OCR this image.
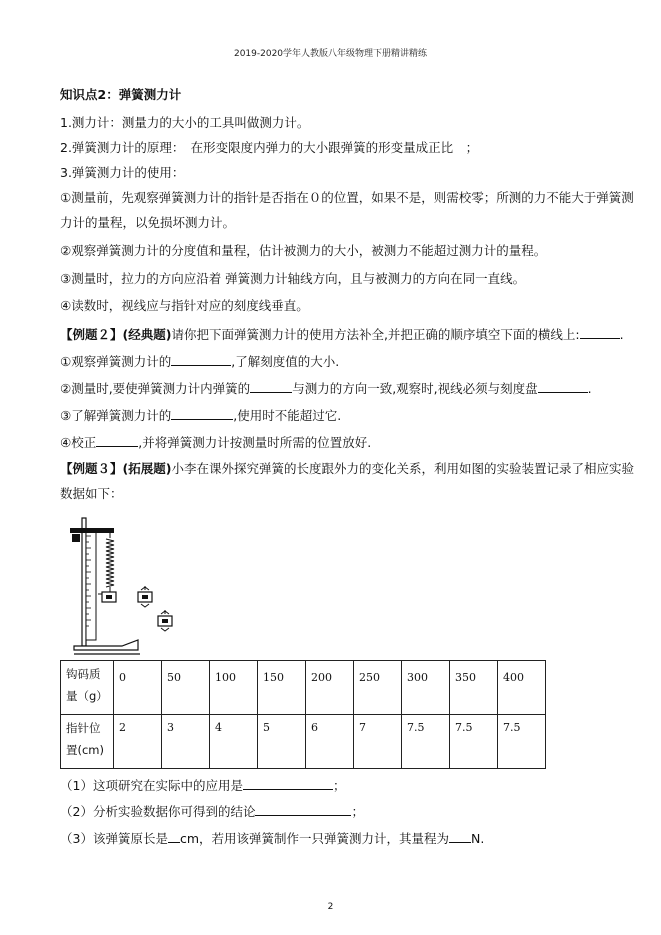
2019-2020学年人教版八年级物理下册精讲精练
知识点2：弹簧测力计
1.测力计：测量力的大小的工具叫做测力计。
2.弹簧测力计的原理：　在形变限度内弹力的大小跟弹簧的形变量成正比　；
3.弹簧测力计的使用：
①测量前，先观察弹簧测力计的指针是否指在０的位置，如果不是，则需校零；所测的力不能大于弹簧测
力计的量程，以免损坏测力计。
②观察弹簧测力计的分度值和量程，估计被测力的大小，被测力不能超过测力计的量程。
③测量时，拉力的方向应沿着 弹簧测力计轴线方向，且与被测力的方向在同一直线。
④读数时，视线应与指针对应的刻度线垂直。
【例题２】(经典题)请你把下面弹簧测力计的使用方法补全,并把正确的顺序填空下面的横线上:	.
①观察弹簧测力计的	,了解刻度值的大小.
②测量时,要使弹簧测力计内弹簧的	与测力的方向一致,观察时,视线必须与刻度盘	.
③了解弹簧测力计的	,使用时不能超过它.
④校正	,并将弹簧测力计按测量时所需的位置放好.
【例题３】(拓展题)小李在课外探究弹簧的长度跟外力的变化关系，利用如图的实验装置记录了相应实验
数据如下：
钩码质
量（g）	0	50	100	150	200	250	300	350	400

指针位
置(cm)	2	3	4	5	6	7	7.5	7.5	7.5
（1）这项研究在实际中的应用是	；
（2）分析实验数据你可得到的结论	；
（3）该弹簧原长是 cm，若用该弹簧制作一只弹簧测力计，其量程为 N.
2
